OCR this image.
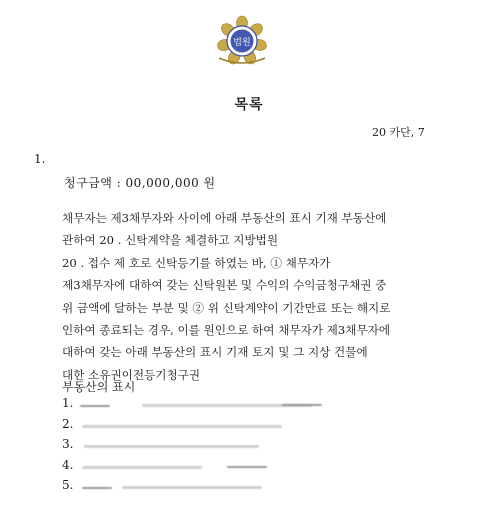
법원
목록
20 카단, 7
1.
청구금액 : 00,000,000 원
채무자는 제3채무자와 사이에 아래 부동산의 표시 기재 부동산에
관하여 20 . 신탁계약을 체결하고 지방법원
20 . 접수 제 호로 신탁등기를 하였는 바, ① 채무자가
제3채무자에 대하여 갖는 신탁원본 및 수익의 수익금청구채권 중
위 금액에 달하는 부분 및 ② 위 신탁계약이 기간만료 또는 해지로
인하여 종료되는 경우, 이를 원인으로 하여 채무자가 제3채무자에
대하여 갖는 아래 부동산의 표시 기재 토지 및 그 지상 건물에
대한 소유권이전등기청구권
부동산의 표시
1.
2.
3.
4.
5.
